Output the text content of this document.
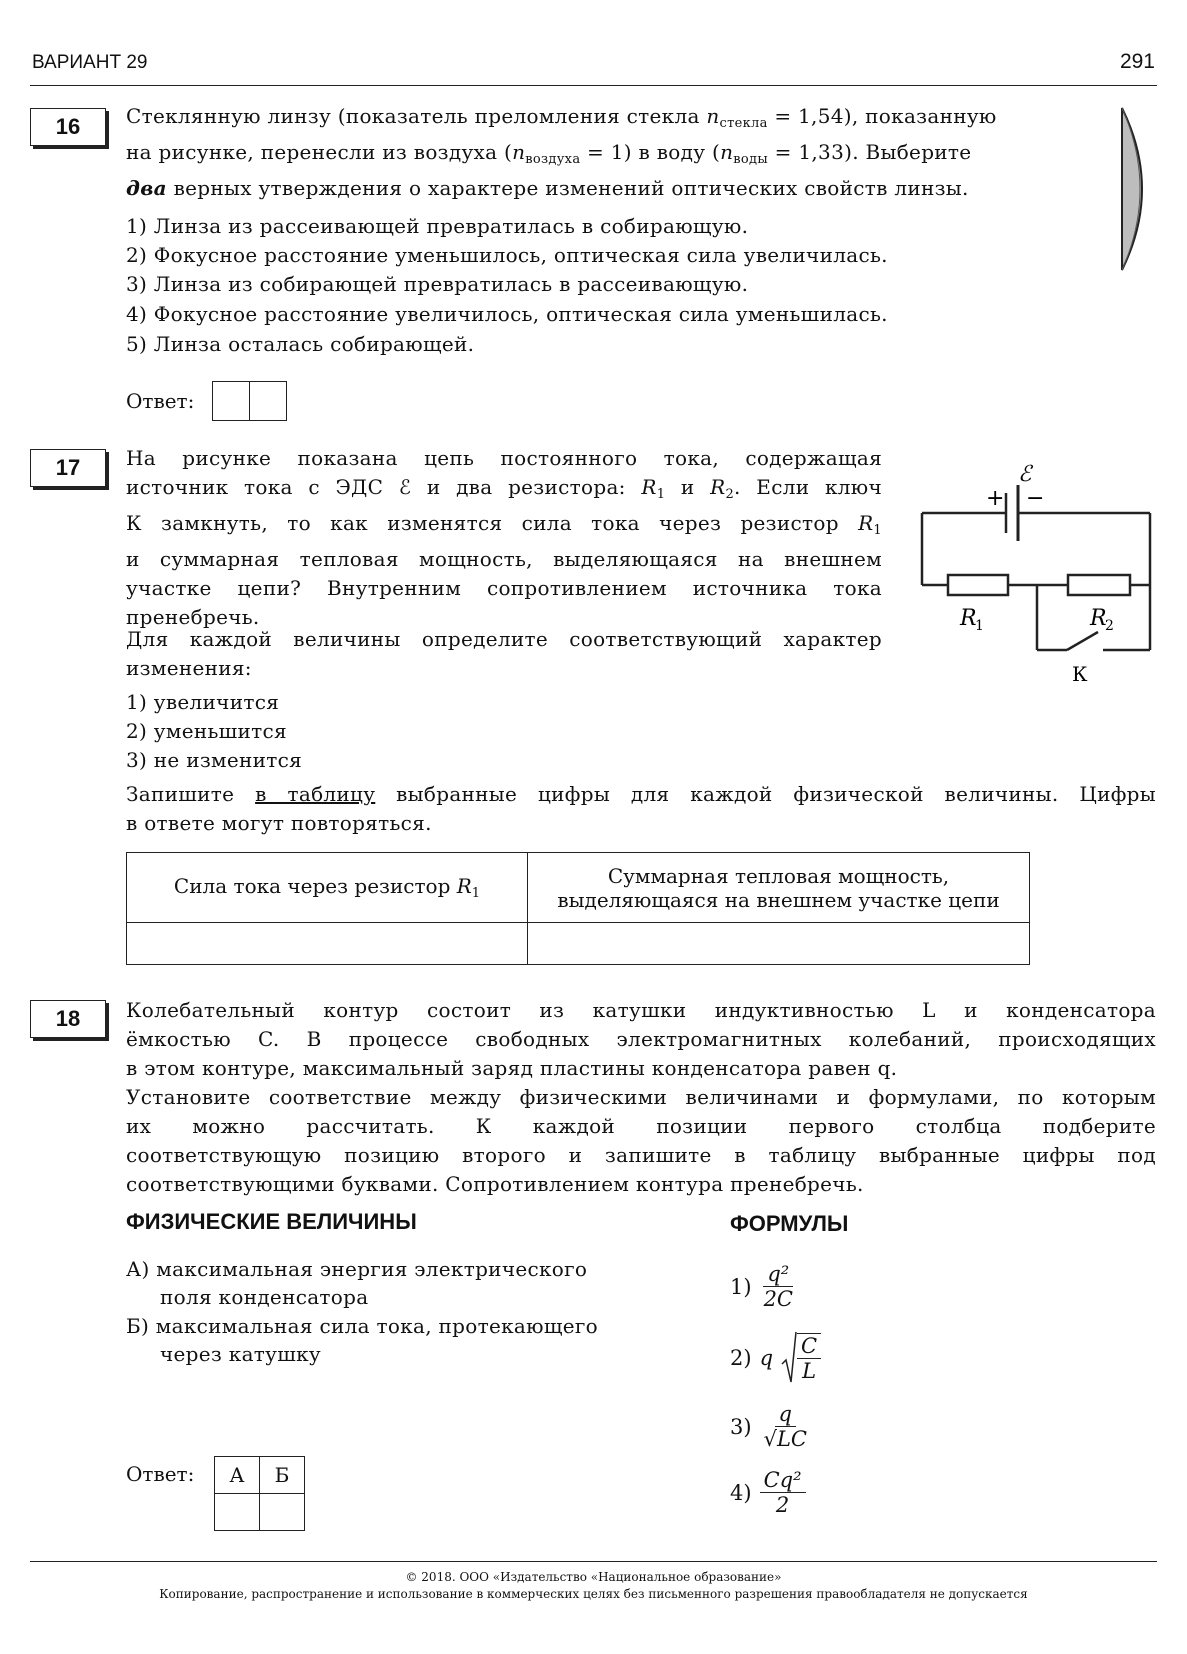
ВАРИАНТ 29	291
16	Стеклянную линзу (показатель преломления стекла $n_{стекла} = 1,54$), показанную
на рисунке, перенесли из воздуха $(n_{воздуха} = 1)$ в воду $(n_{воды} = 1,33)$. Выберите
два верных утверждения о характере изменений оптических свойств линзы.
1) Линза из рассеивающей превратилась в собирающую.
2) Фокусное расстояние уменьшилось, оптическая сила увеличилась.
3) Линза из собирающей превратилась в рассеивающую.
4) Фокусное расстояние увеличилось, оптическая сила уменьшилась.
5) Линза осталась собирающей.
Ответ:
17	На рисунке показана цепь постоянного тока, содержащая
источник тока с ЭДС ℰ и два резистора: $R_1$ и $R_2$. Если ключ
К замкнуть, то как изменятся сила тока через резистор $R_1$
и суммарная тепловая мощность, выделяющаяся на внешнем
участке цепи? Внутренним сопротивлением источника тока
пренебречь.
Для каждой величины определите соответствующий характер
изменения:
1) увеличится
2) уменьшится
3) не изменится
Запишите в таблицу выбранные цифры для каждой физической величины. Цифры
в ответе могут повторяться.
ℰ
+ −
R
1	R
2
К
Сила тока через резистор $R_1$	Суммарная тепловая мощность,
выделяющаяся на внешнем участке цепи

18	Колебательный контур состоит из катушки индуктивностью L и конденсатора
ёмкостью C. В процессе свободных электромагнитных колебаний, происходящих
в этом контуре, максимальный заряд пластины конденсатора равен q.
Установите соответствие между физическими величинами и формулами, по которым
их можно рассчитать. К каждой позиции первого столбца подберите
соответствующую позицию второго и запишите в таблицу выбранные цифры под
соответствующими буквами. Сопротивлением контура пренебречь.
ФИЗИЧЕСКИЕ ВЕЛИЧИНЫ	ФОРМУЛЫ
А) максимальная энергия электрического
поля конденсатора
Б) максимальная сила тока, протекающего
через катушку
$1) \frac{\text{q²}}{2C}$
2) q $\frac{C}{L}$
$3) \frac{q}{√LC}$
$4) \frac{\text{Cq²}}{2}$
Ответ: А	Б

© 2018. ООО «Издательство «Национальное образование»
Копирование, распространение и использование в коммерческих целях без письменного разрешения правообладателя не допускается
